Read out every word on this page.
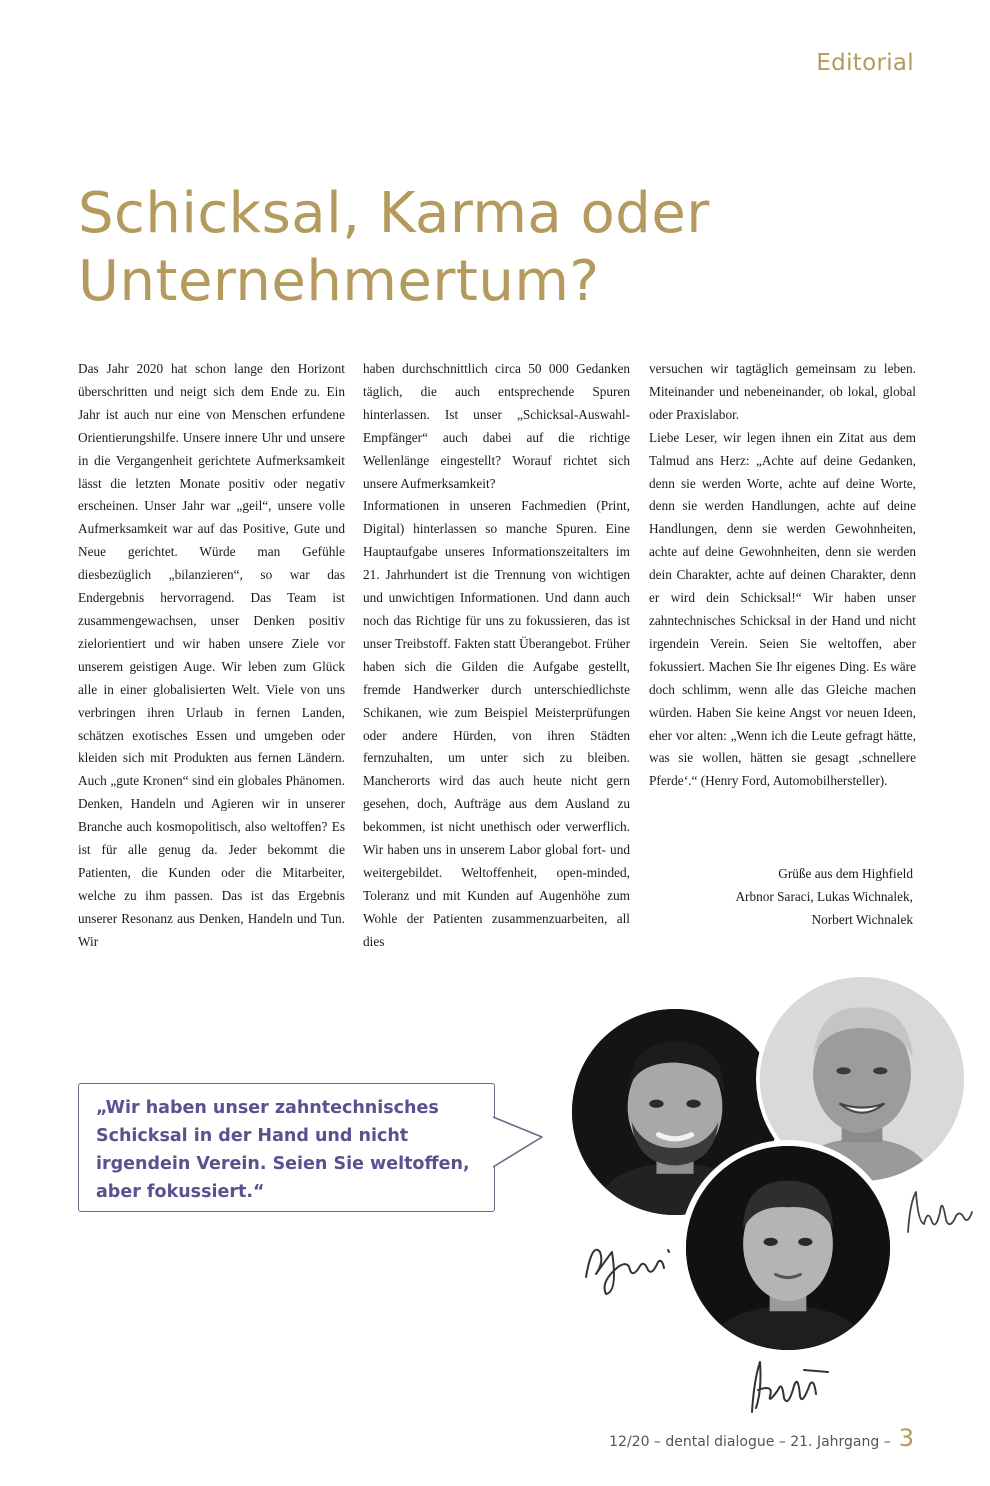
Editorial
Schicksal, Karma oder
Unternehmertum?

Das Jahr 2020 hat schon lange den Horizont überschritten und neigt sich dem Ende zu. Ein Jahr ist auch nur eine von Menschen erfundene Orientierungshilfe. Unsere innere Uhr und unsere in die Vergangenheit gerichtete Aufmerksamkeit lässt die letzten Monate positiv oder negativ erscheinen. Unser Jahr war „geil“, unsere volle Aufmerksamkeit war auf das Positive, Gute und Neue gerichtet. Würde man Gefühle diesbezüglich „bilanzieren“, so war das Endergebnis hervorragend. Das Team ist zusammengewachsen, unser Denken positiv zielorientiert und wir haben unsere Ziele vor unserem geistigen Auge. Wir leben zum Glück alle in einer globalisierten Welt. Viele von uns verbringen ihren Urlaub in fernen Landen, schätzen exotisches Essen und umgeben oder kleiden sich mit Produkten aus fernen Ländern. Auch „gute Kronen“ sind ein globales Phänomen. Denken, Handeln und Agieren wir in unserer Branche auch kosmopolitisch, also weltoffen? Es ist für alle genug da. Jeder bekommt die Patienten, die Kunden oder die Mitarbeiter, welche zu ihm passen. Das ist das Ergebnis unserer Resonanz aus Denken, Handeln und Tun. Wir

haben durchschnittlich circa 50 000 Gedanken täglich, die auch entsprechende Spuren hinterlassen. Ist unser „Schicksal-Auswahl-Empfänger“ auch dabei auf die richtige Wellenlänge eingestellt? Worauf richtet sich unsere Aufmerksamkeit?

Informationen in unseren Fachmedien (Print, Digital) hinterlassen so manche Spuren. Eine Hauptaufgabe unseres Informationszeitalters im 21. Jahrhundert ist die Trennung von wichtigen und unwichtigen Informationen. Und dann auch noch das Richtige für uns zu fokussieren, das ist unser Treibstoff. Fakten statt Überangebot. Früher haben sich die Gilden die Aufgabe gestellt, fremde Handwerker durch unterschiedlichste Schikanen, wie zum Beispiel Meisterprüfungen oder andere Hürden, von ihren Städten fernzuhalten, um unter sich zu bleiben. Mancherorts wird das auch heute nicht gern gesehen, doch, Aufträge aus dem Ausland zu bekommen, ist nicht unethisch oder verwerflich. Wir haben uns in unserem Labor global fort- und weitergebildet. Weltoffenheit, open-minded, Toleranz und mit Kunden auf Augenhöhe zum Wohle der Patienten zusammenzuarbeiten, all dies

versuchen wir tagtäglich gemeinsam zu leben. Miteinander und nebeneinander, ob lokal, global oder Praxislabor.

Liebe Leser, wir legen ihnen ein Zitat aus dem Talmud ans Herz: „Achte auf deine Gedanken, denn sie werden Worte, achte auf deine Worte, denn sie werden Handlungen, achte auf deine Handlungen, denn sie werden Gewohnheiten, achte auf deine Gewohnheiten, denn sie werden dein Charakter, achte auf deinen Charakter, denn er wird dein Schicksal!“ Wir haben unser zahntechnisches Schicksal in der Hand und nicht irgendein Verein. Seien Sie weltoffen, aber fokussiert. Machen Sie Ihr eigenes Ding. Es wäre doch schlimm, wenn alle das Gleiche machen würden. Haben Sie keine Angst vor neuen Ideen, eher vor alten: „Wenn ich die Leute gefragt hätte, was sie wollen, hätten sie gesagt ‚schnellere Pferde‘.“ (Henry Ford, Automobilhersteller).

Grüße aus dem Highfield
Arbnor Saraci, Lukas Wichnalek,
Norbert Wichnalek
„Wir haben unser zahntechnisches
Schicksal in der Hand und nicht
irgendein Verein. Seien Sie weltoffen,
aber fokussiert.“
12/20 – dental dialogue – 21. Jahrgang – 3
